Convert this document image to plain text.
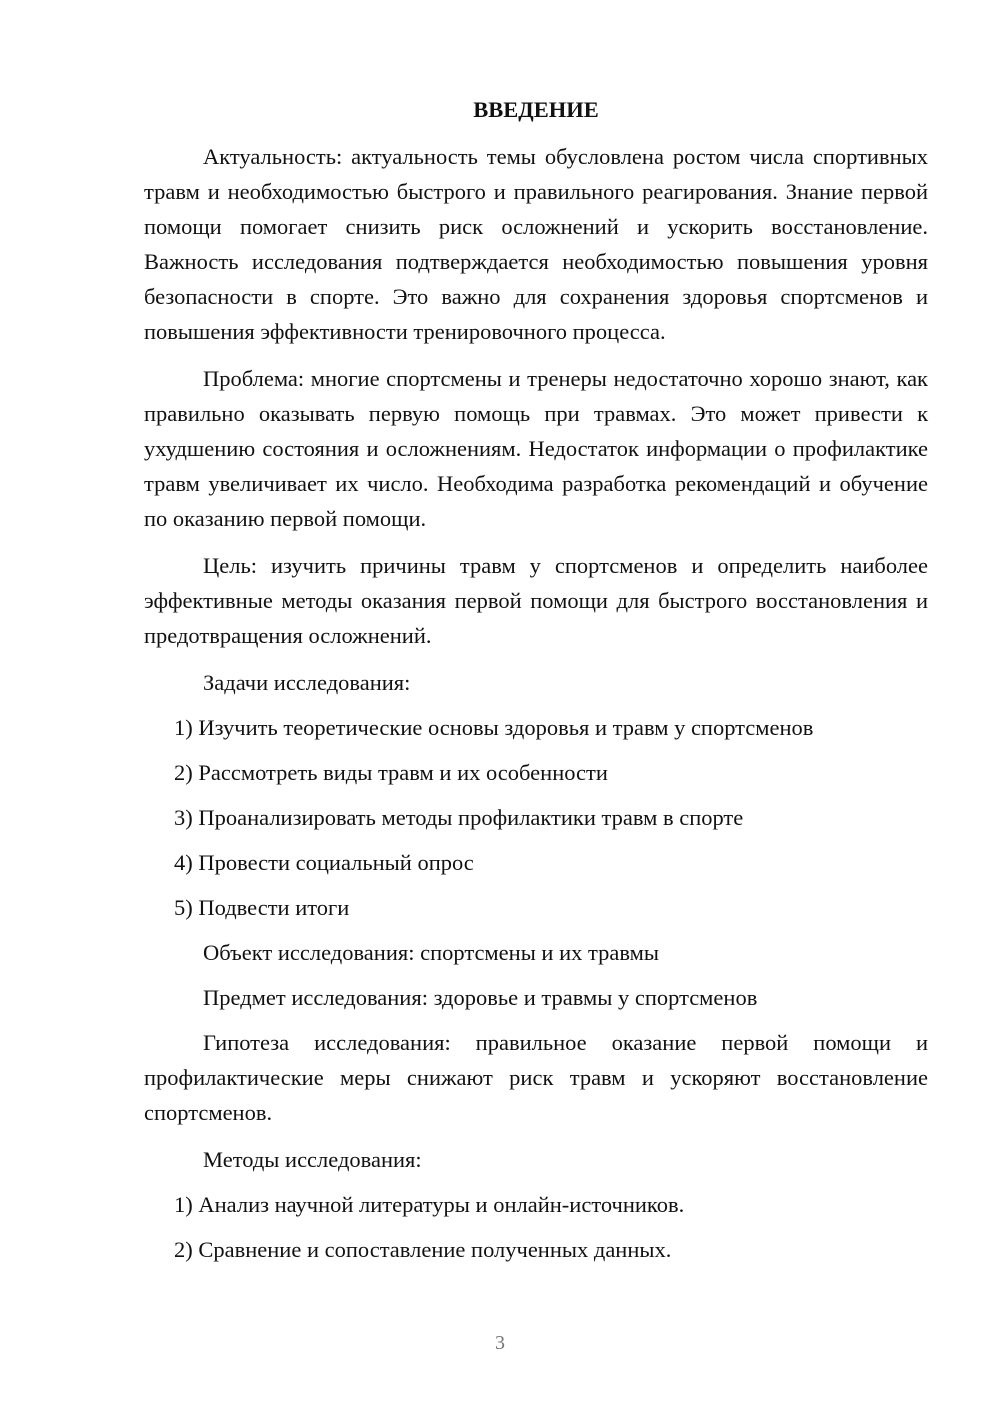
ВВЕДЕНИЕ

Актуальность: актуальность темы обусловлена ростом числа спортивных травм и необходимостью быстрого и правильного реагирования. Знание первой помощи помогает снизить риск осложнений и ускорить восстановление. Важность исследования подтверждается необходимостью повышения уровня безопасности в спорте. Это важно для сохранения здоровья спортсменов и повышения эффективности тренировочного процесса.

Проблема: многие спортсмены и тренеры недостаточно хорошо знают, как правильно оказывать первую помощь при травмах. Это может привести к ухудшению состояния и осложнениям. Недостаток информации о профилактике травм увеличивает их число. Необходима разработка рекомендаций и обучение по оказанию первой помощи.

Цель: изучить причины травм у спортсменов и определить наиболее эффективные методы оказания первой помощи для быстрого восстановления и предотвращения осложнений.

Задачи исследования:

1) Изучить теоретические основы здоровья и травм у спортсменов
2) Рассмотреть виды травм и их особенности
3) Проанализировать методы профилактики травм в спорте
4) Провести социальный опрос
5) Подвести итоги

Объект исследования: спортсмены и их травмы

Предмет исследования: здоровье и травмы у спортсменов

Гипотеза исследования: правильное оказание первой помощи и профилактические меры снижают риск травм и ускоряют восстановление спортсменов.

Методы исследования:

1) Анализ научной литературы и онлайн-источников.
2) Сравнение и сопоставление полученных данных.
3
